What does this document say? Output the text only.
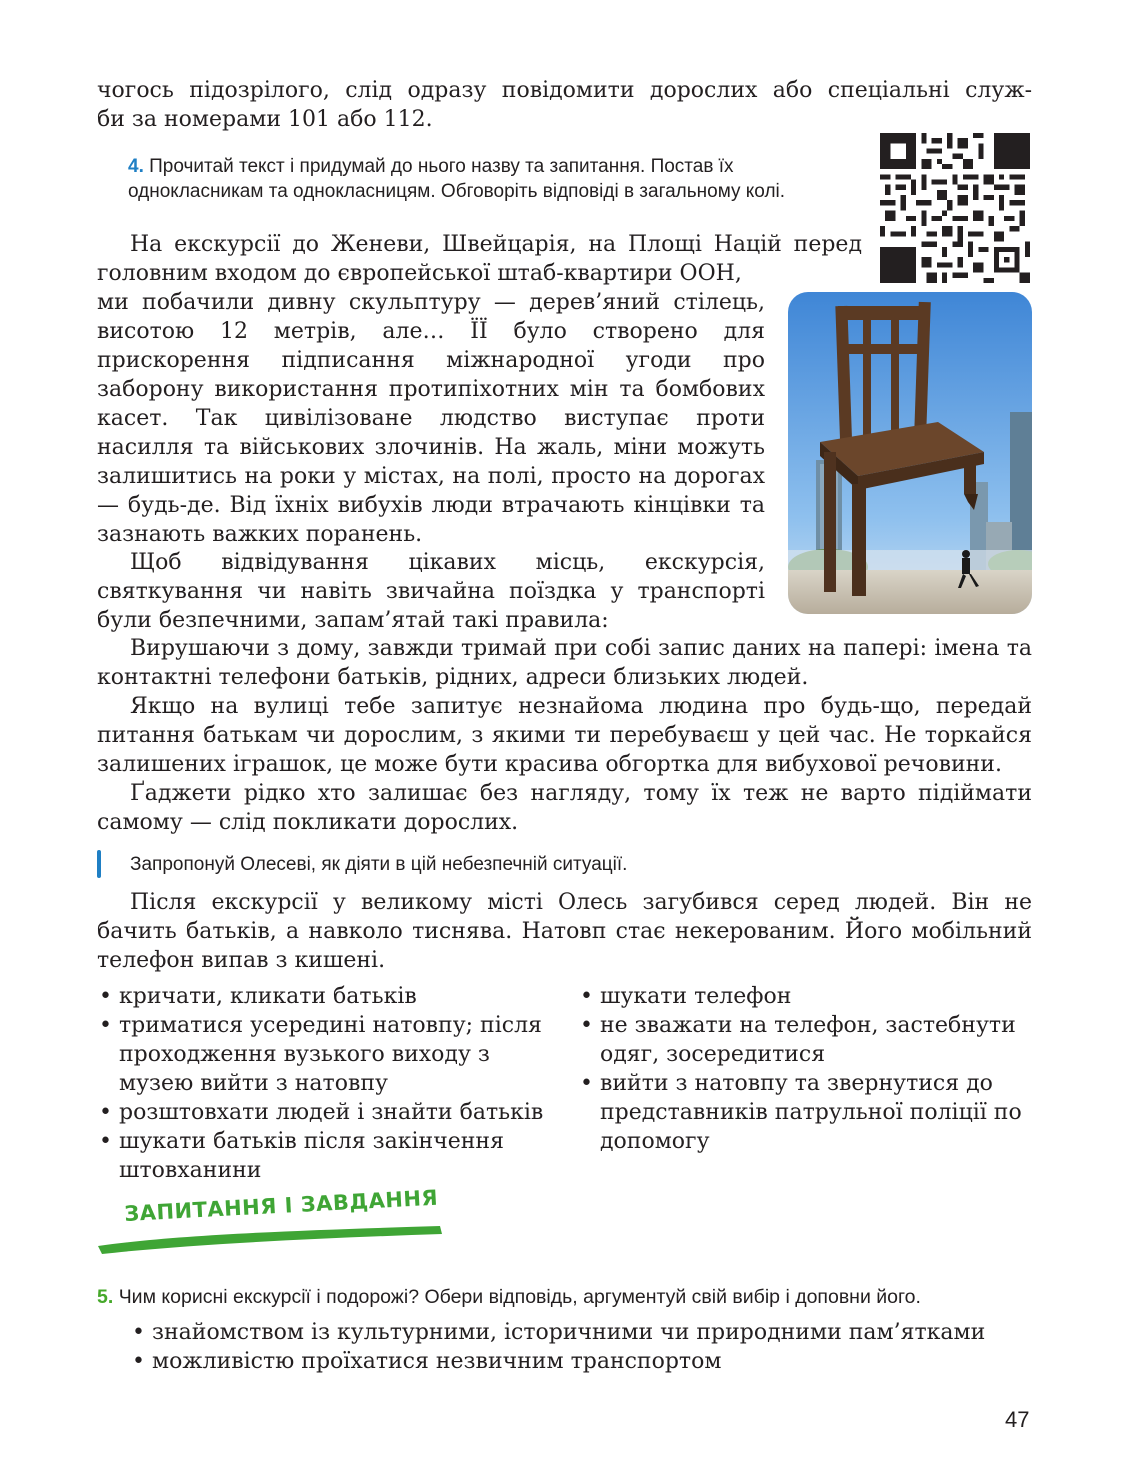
чогось підозрілого, слід одразу повідомити дорослих або спеціальні служ-
би за номерами 101 або 112.
4. Прочитай текст і придумай до нього назву та запитання. Постав їх однокласникам та однокласницям. Обговоріть відповіді в загальному колі.
На екскурсії до Женеви, Швейцарія, на Площі Націй перед головним входом до європейської штаб-квартири ООН,
ми побачили дивну скульптуру — дерев’яний стілець, висотою 12 метрів, але… ЇЇ було створено для прискорення підписання міжнародної угоди про заборону використання протипіхотних мін та бомбових касет. Так цивілізоване людство виступає проти насилля та військових злочинів. На жаль, міни можуть залишитись на роки у містах, на полі, просто на дорогах — будь-де. Від їхніх вибухів люди втрачають кінцівки та зазнають важких поранень.
Щоб відвідування цікавих місць, екскурсія, святкування чи навіть звичайна поїздка у транспорті були безпечними, запам’ятай такі правила:

Вирушаючи з дому, завжди тримай при собі запис даних на папері: імена та контактні телефони батьків, рідних, адреси близьких людей.

Якщо на вулиці тебе запитує незнайома людина про будь-що, передай питання батькам чи дорослим, з якими ти перебуваєш у цей час. Не торкайся залишених іграшок, це може бути красива обгортка для вибухової речовини.

Ґаджети рідко хто залишає без нагляду, тому їх теж не варто підіймати самому — слід покликати дорослих.

Запропонуй Олесеві, як діяти в цій небезпечній ситуації.
Після екскурсії у великому місті Олесь загубився серед людей. Він не бачить батьків, а навколо тиснява. Натовп стає некерованим. Його мобільний телефон випав з кишені.
• кричати, кликати батьків
• триматися усередині натовпу; після проходження вузького виходу з музею вийти з натовпу
• розштовхати людей і знайти батьків
• шукати батьків після закінчення штовханини
• шукати телефон
• не зважати на телефон, застебнути одяг, зосередитися
• вийти з натовпу та звернутися до представників патрульної поліції по допомогу
ЗАПИТАННЯ І ЗАВДАННЯ
5. Чим корисні екскурсії і подорожі? Обери відповідь, аргументуй свій вибір і доповни його.
• знайомством із культурними, історичними чи природними пам’ятками
• можливістю проїхатися незвичним транспортом
47
